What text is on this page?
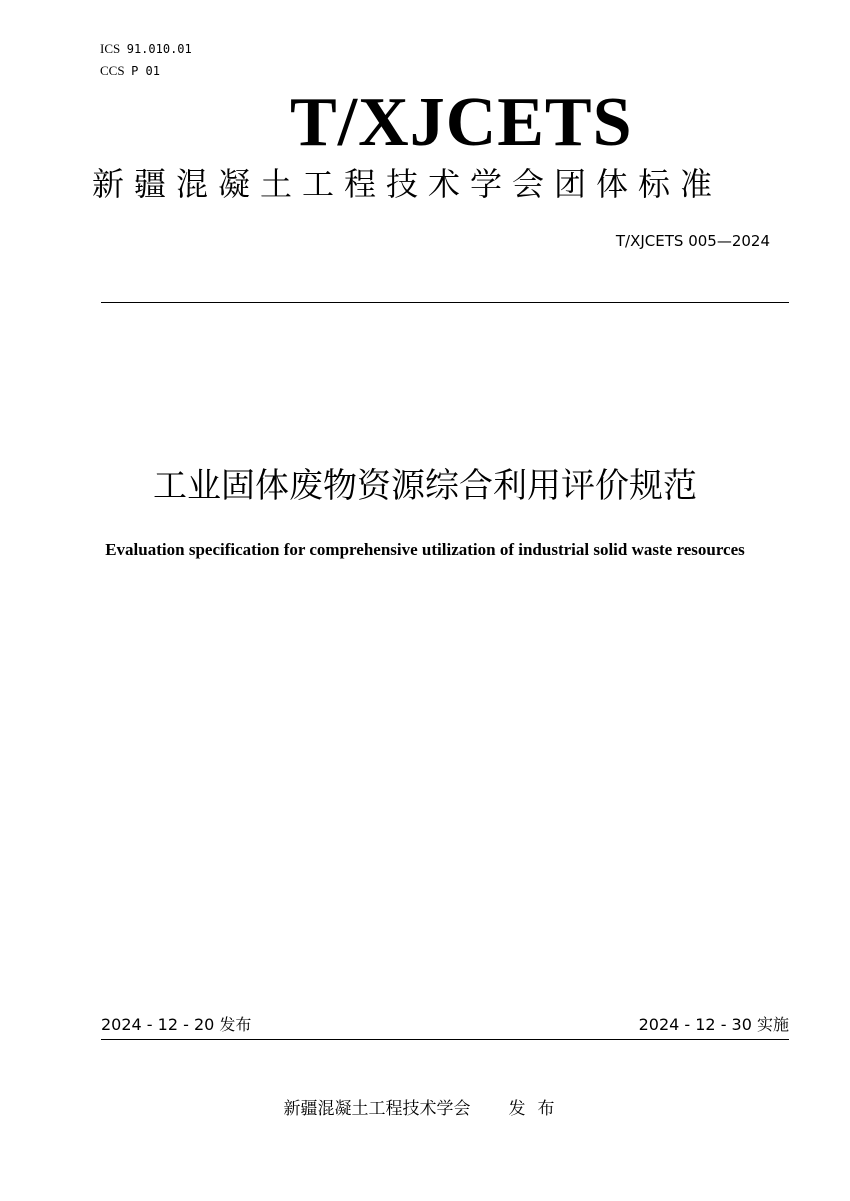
ICS 91.010.01
CCS P 01
T/XJCETS
新疆混凝土工程技术学会团体标准
T/XJCETS 005—2024
工业固体废物资源综合利用评价规范
Evaluation specification for comprehensive utilization of industrial solid waste resources
2024 - 12 - 20 发布	2024 - 12 - 30 实施
新疆混凝土工程技术学会 发布
